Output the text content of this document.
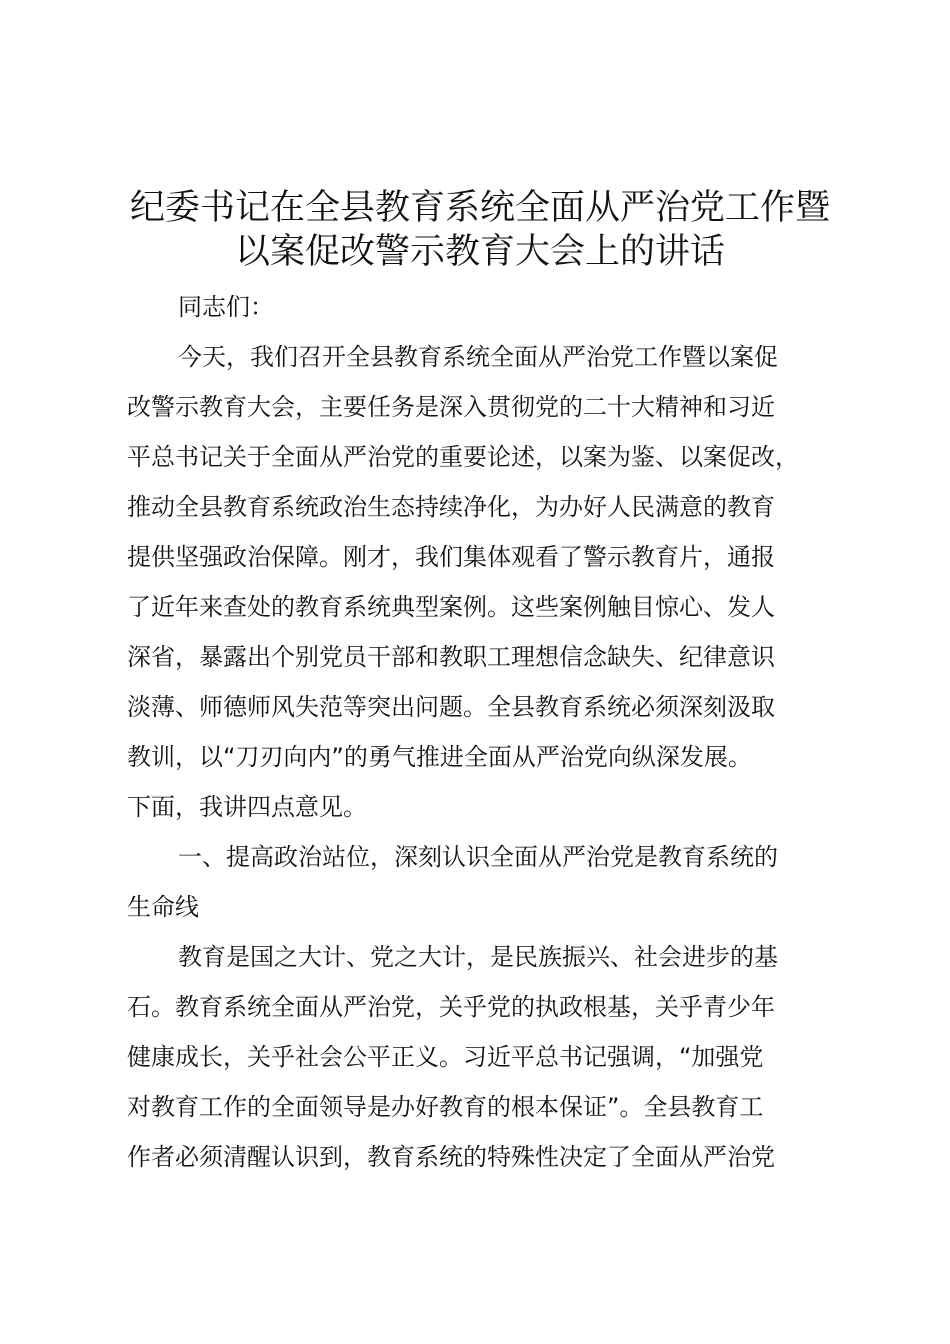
纪委书记在全县教育系统全面从严治党工作暨
以案促改警示教育大会上的讲话
同志们：
今天，我们召开全县教育系统全面从严治党工作暨以案促
改警示教育大会，主要任务是深入贯彻党的二十大精神和习近
平总书记关于全面从严治党的重要论述，以案为鉴、以案促改，
推动全县教育系统政治生态持续净化，为办好人民满意的教育
提供坚强政治保障。刚才，我们集体观看了警示教育片，通报
了近年来查处的教育系统典型案例。这些案例触目惊心、发人
深省，暴露出个别党员干部和教职工理想信念缺失、纪律意识
淡薄、师德师风失范等突出问题。全县教育系统必须深刻汲取
教训，以“刀刃向内”的勇气推进全面从严治党向纵深发展。
下面，我讲四点意见。
一、提高政治站位，深刻认识全面从严治党是教育系统的
生命线
教育是国之大计、党之大计，是民族振兴、社会进步的基
石。教育系统全面从严治党，关乎党的执政根基，关乎青少年
健康成长，关乎社会公平正义。习近平总书记强调，“加强党
对教育工作的全面领导是办好教育的根本保证”。全县教育工
作者必须清醒认识到，教育系统的特殊性决定了全面从严治党
